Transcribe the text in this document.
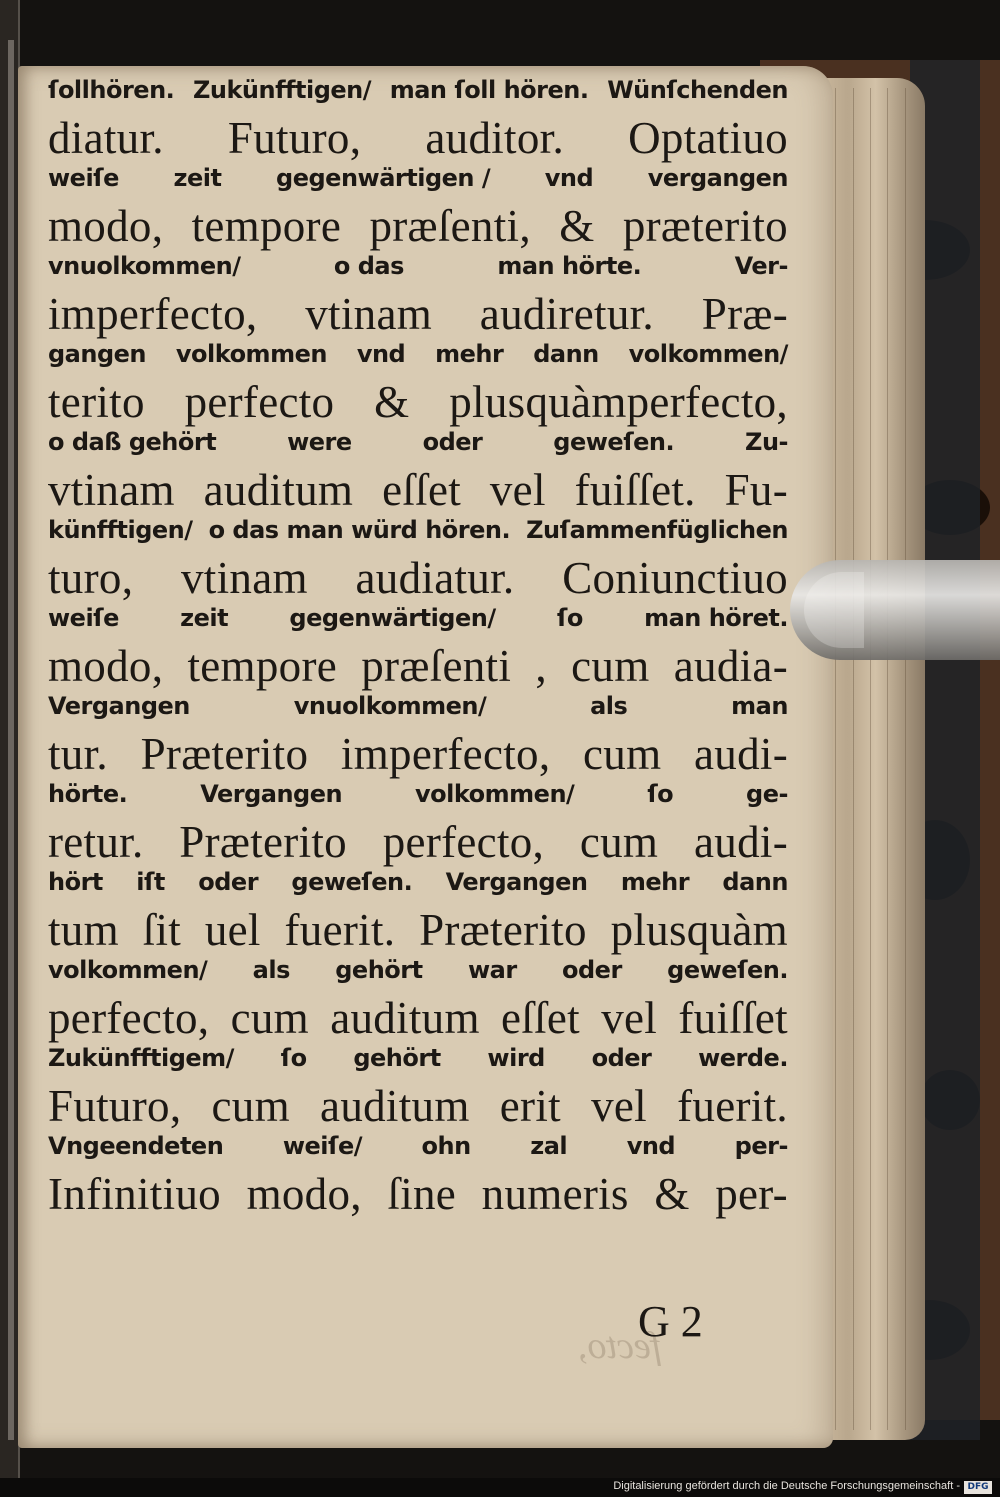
ſollhören. Zukünfftigen/ man ſoll hören. Wünſchenden
diatur. Futuro, auditor. Optatiuo
weiſe zeit gegenwärtigen / vnd vergangen
modo, tempore præſenti, & præterito
vnuolkommen/	o das	man hörte.	Ver-
imperfecto, vtinam audiretur. Præ-
gangen volkommen vnd mehr dann volkommen/
terito perfecto & plusquàmperfecto,
o daß gehört	were	oder	geweſen.	Zu-
vtinam auditum eſſet vel fuiſſet. Fu-
künfftigen/ o das man würd hören. Zuſammenfüglichen
turo, vtinam audiatur. Coniunctiuo
weiſe	zeit	gegenwärtigen/	ſo	man höret.
modo, tempore præſenti , cum audia-
Vergangen	vnuolkommen/	als	man
tur. Præterito imperfecto, cum audi-
hörte.	Vergangen	volkommen/	ſo	ge-
retur. Præterito perfecto, cum audi-
hört iſt oder geweſen. Vergangen mehr dann
tum ſit uel fuerit. Præterito plusquàm
volkommen/ als gehört war oder geweſen.
perfecto, cum auditum eſſet vel fuiſſet
Zukünfftigem/ ſo gehört wird oder werde.
Futuro, cum auditum erit vel fuerit.
Vngeendeten weiſe/ ohn zal vnd per-
Infinitiuo modo, ſine numeris & per-
fecto,
G 2
Digitalisierung gefördert durch die Deutsche Forschungsgemeinschaft - DFG
